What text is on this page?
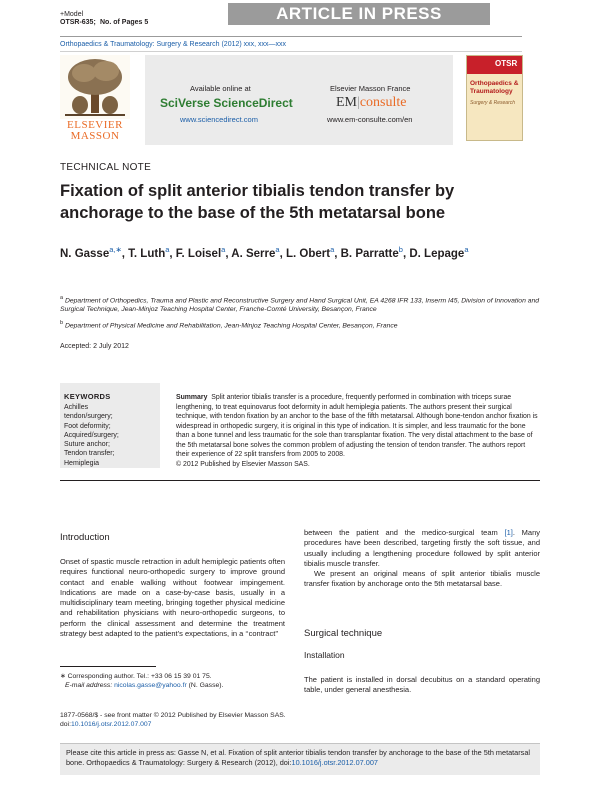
+Model
OTSR-635; No. of Pages 5	ARTICLE IN PRESS
Orthopaedics & Traumatology: Surgery & Research (2012) xxx, xxx—xxx
ELSEVIER
MASSON
Available online at
SciVerse ScienceDirect
www.sciencedirect.com
Elsevier Masson France
EM|consulte
www.em-consulte.com/en
OTSR
Orthopaedics & Traumatology
Surgery & Research
TECHNICAL NOTE
Fixation of split anterior tibialis tendon transfer by anchorage to the base of the 5th metatarsal bone
N. Gasse$^{a,∗}$, T. Luth$^a$, F. Loisel$^a$, A. Serre$^a$, L. Obert$^a$, B. Parratte$^b$, D. Lepage$^a$
$^a$ Department of Orthopedics, Trauma and Plastic and Reconstructive Surgery and Hand Surgical Unit, EA 4268 IFR 133, Inserm I45, Division of Innovation and Surgical Technique, Jean-Minjoz Teaching Hospital Center, Franche-Comté University, Besançon, France
$^b$ Department of Physical Medicine and Rehabilitation, Jean-Minjoz Teaching Hospital Center, Besançon, France
Accepted: 2 July 2012
KEYWORDS
Achilles
tendon/surgery;
Foot deformity;
Acquired/surgery;
Suture anchor;
Tendon transfer;
Hemiplegia
Summary Split anterior tibialis transfer is a procedure, frequently performed in combination with triceps surae lengthening, to treat equinovarus foot deformity in adult hemiplegia patients. The authors present their surgical technique, with tendon fixation by an anchor to the base of the fifth metatarsal. Although bone-tendon anchor fixation is widespread in orthopedic surgery, it is original in this type of indication. It is simpler, and less traumatic for the bone than a bone tunnel and less traumatic for the sole than transplantar fixation. The very distal attachment to the base of the 5th metatarsal bone solves the common problem of adjusting the tension of tendon transfer. The authors report their experience of 22 split transfers from 2005 to 2008.
© 2012 Published by Elsevier Masson SAS.
Introduction
Onset of spastic muscle retraction in adult hemiplegic patients often requires functional neuro-orthopedic surgery to improve ground contact and enable walking without footwear impingement. Indications are made on a case-by-case basis, usually in a multidisciplinary team meeting, bringing together physical medicine and rehabilitation physicians with neuro-orthopedic surgeons, to perform the clinical assessment and determine the treatment strategy best adapted to the patient’s expectations, in a ‘‘contract’’
between the patient and the medico-surgical team [1]. Many procedures have been described, targeting firstly the soft tissue, and usually including a lengthening procedure followed by split anterior tibialis muscle transfer.
We present an original means of split anterior tibialis muscle transfer fixation by anchorage onto the 5th metatarsal base.
Surgical technique
Installation
The patient is installed in dorsal decubitus on a standard operating table, under general anesthesia.
∗ Corresponding author. Tel.: +33 06 15 39 01 75.
E-mail address: nicolas.gasse@yahoo.fr (N. Gasse).
1877-0568/$ - see front matter © 2012 Published by Elsevier Masson SAS.
doi:10.1016/j.otsr.2012.07.007
Please cite this article in press as: Gasse N, et al. Fixation of split anterior tibialis tendon transfer by anchorage to the base of the 5th metatarsal bone. Orthopaedics & Traumatology: Surgery & Research (2012), doi:10.1016/j.otsr.2012.07.007
